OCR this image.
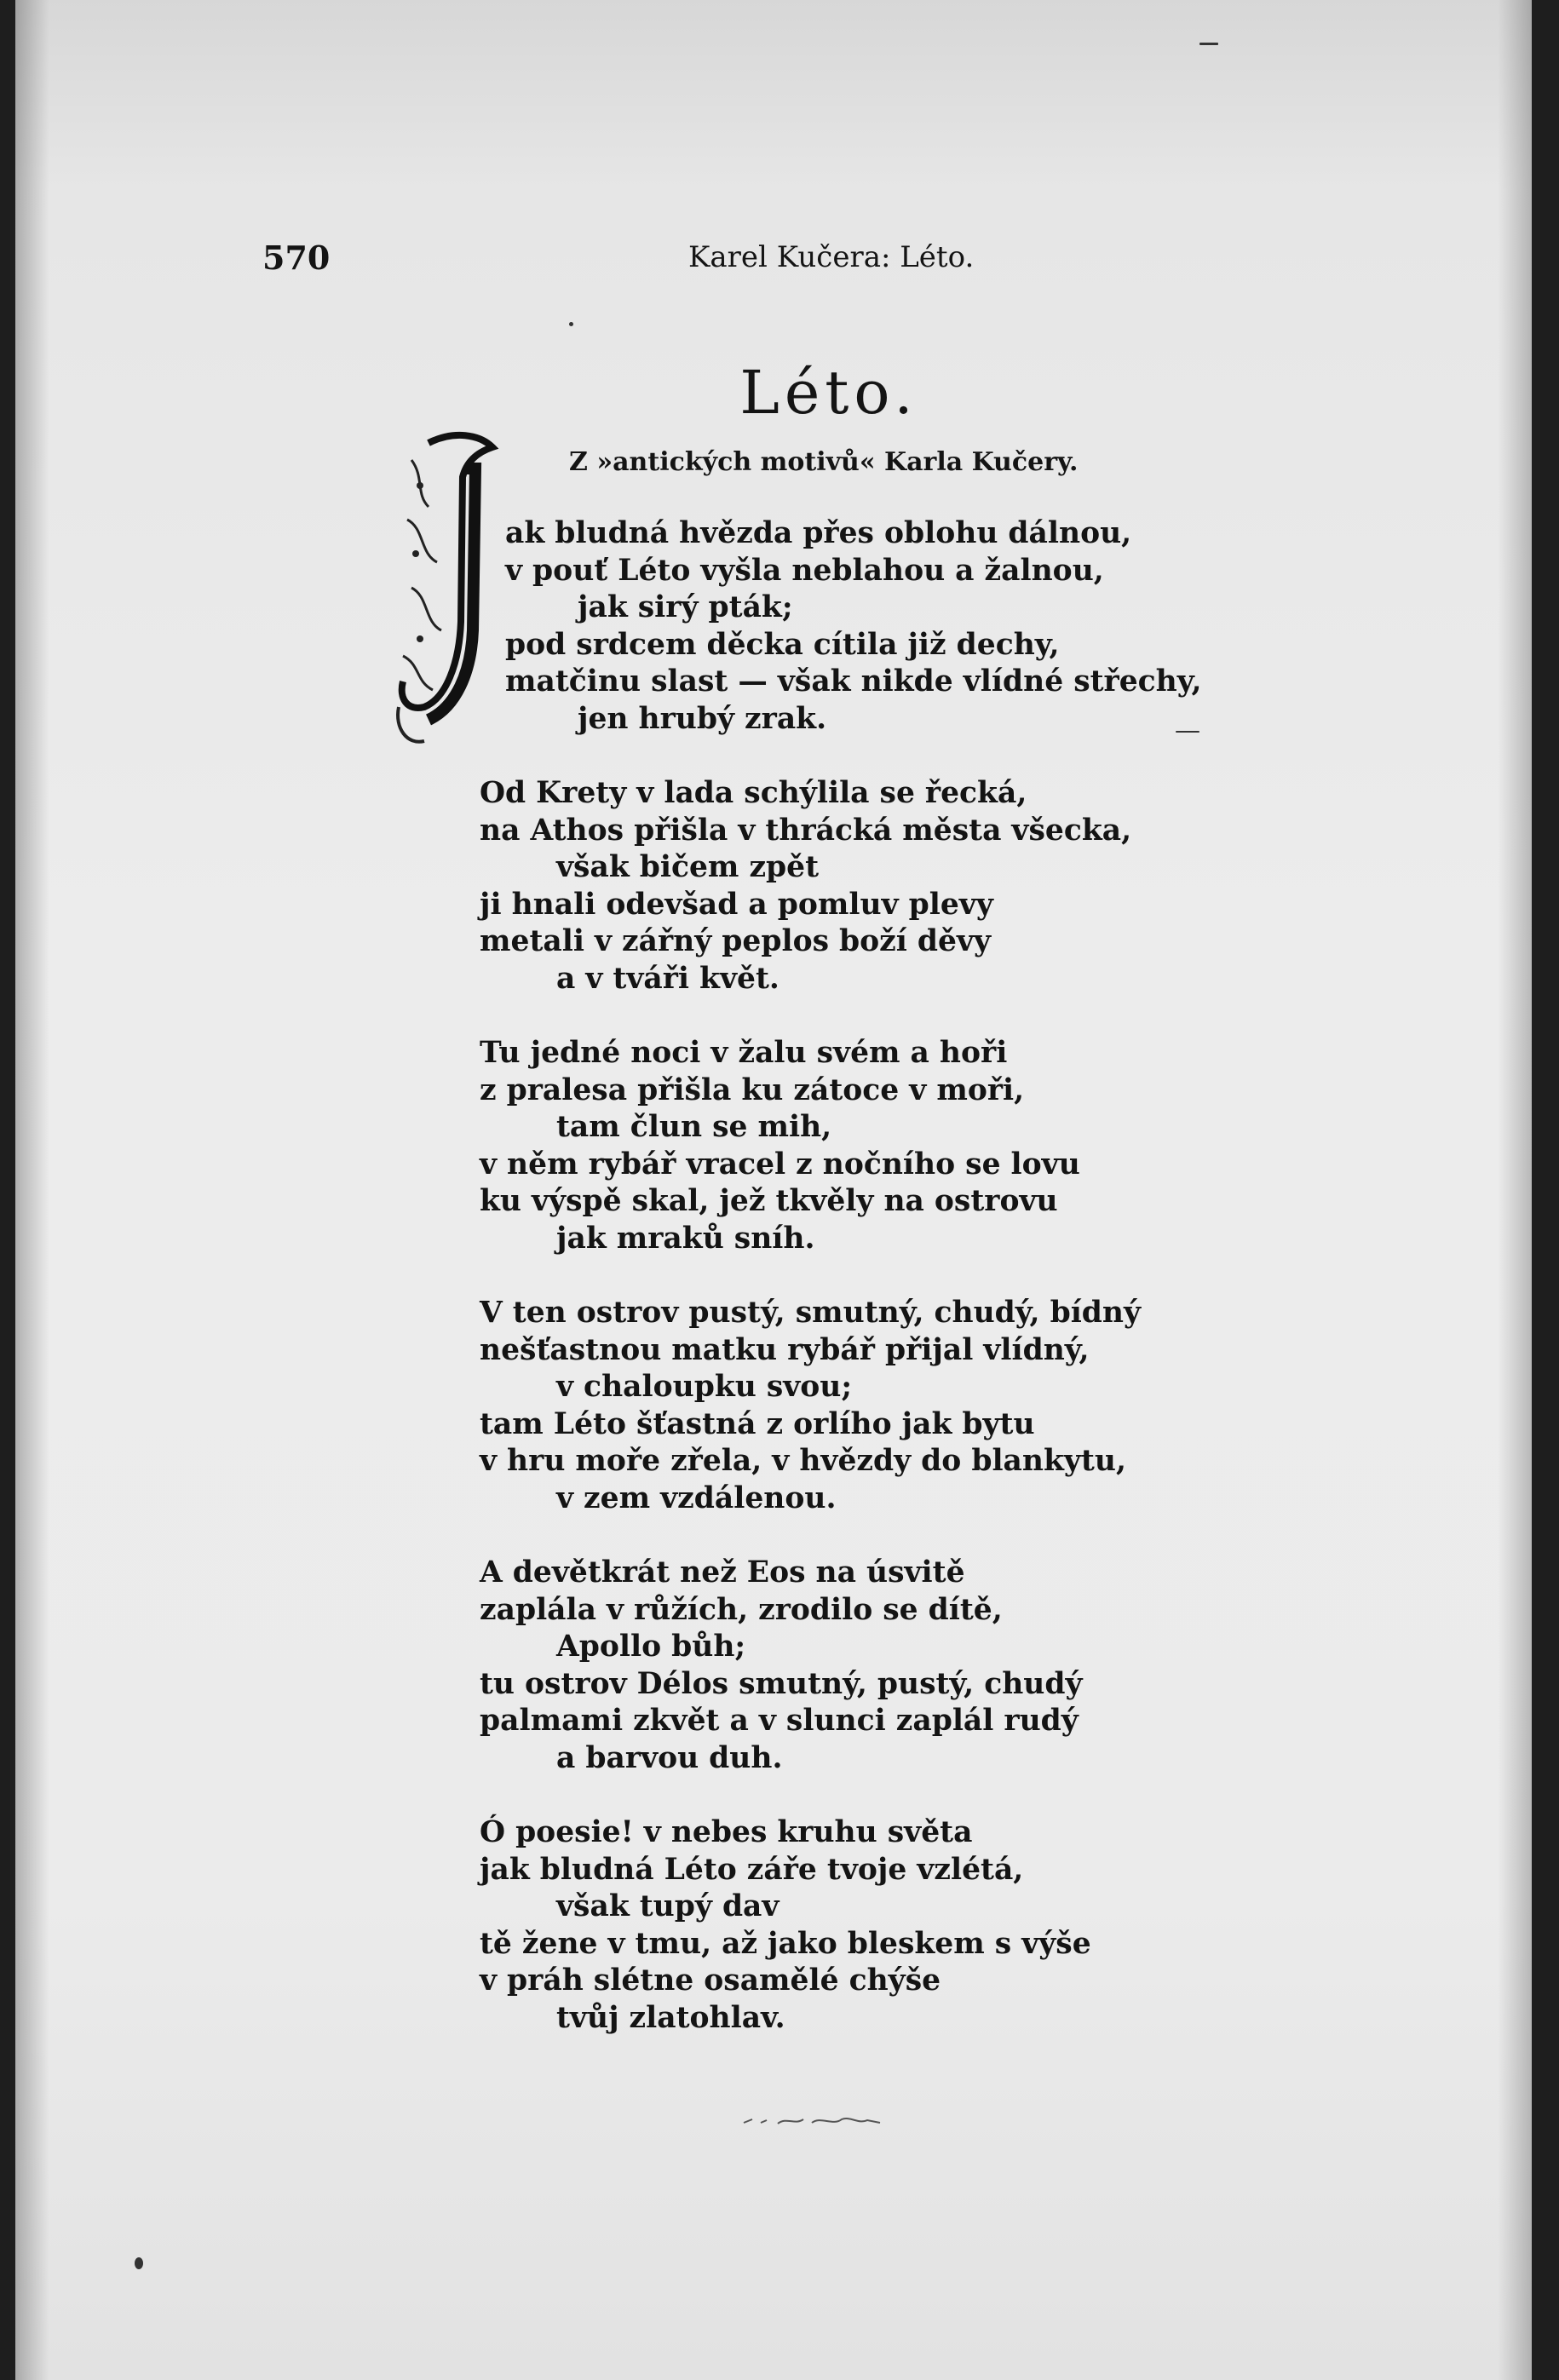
570	Karel Kučera: Léto.
Léto.
Z »antických motivů« Karla Kučery.
ak bludná hvězda přes oblohu dálnou,
v pouť Léto vyšla neblahou a žalnou,
jak sirý pták;
pod srdcem děcka cítila již dechy,
matčinu slast — však nikde vlídné střechy,
jen hrubý zrak.
Od Krety v lada schýlila se řecká,
na Athos přišla v thrácká města všecka,
však bičem zpět
ji hnali odevšad a pomluv plevy
metali v zářný peplos boží děvy
a v tváři květ.
Tu jedné noci v žalu svém a hoři
z pralesa přišla ku zátoce v moři,
tam člun se mih,
v něm rybář vracel z nočního se lovu
ku výspě skal, jež tkvěly na ostrovu
jak mraků sníh.
V ten ostrov pustý, smutný, chudý, bídný
nešťastnou matku rybář přijal vlídný,
v chaloupku svou;
tam Léto šťastná z orlího jak bytu
v hru moře zřela, v hvězdy do blankytu,
v zem vzdálenou.
A devětkrát než Eos na úsvitě
zaplála v růžích, zrodilo se dítě,
Apollo bůh;
tu ostrov Délos smutný, pustý, chudý
palmami zkvět a v slunci zaplál rudý
a barvou duh.
Ó poesie! v nebes kruhu světa
jak bludná Léto záře tvoje vzlétá,
však tupý dav
tě žene v tmu, až jako bleskem s výše
v práh slétne osamělé chýše
tvůj zlatohlav.
